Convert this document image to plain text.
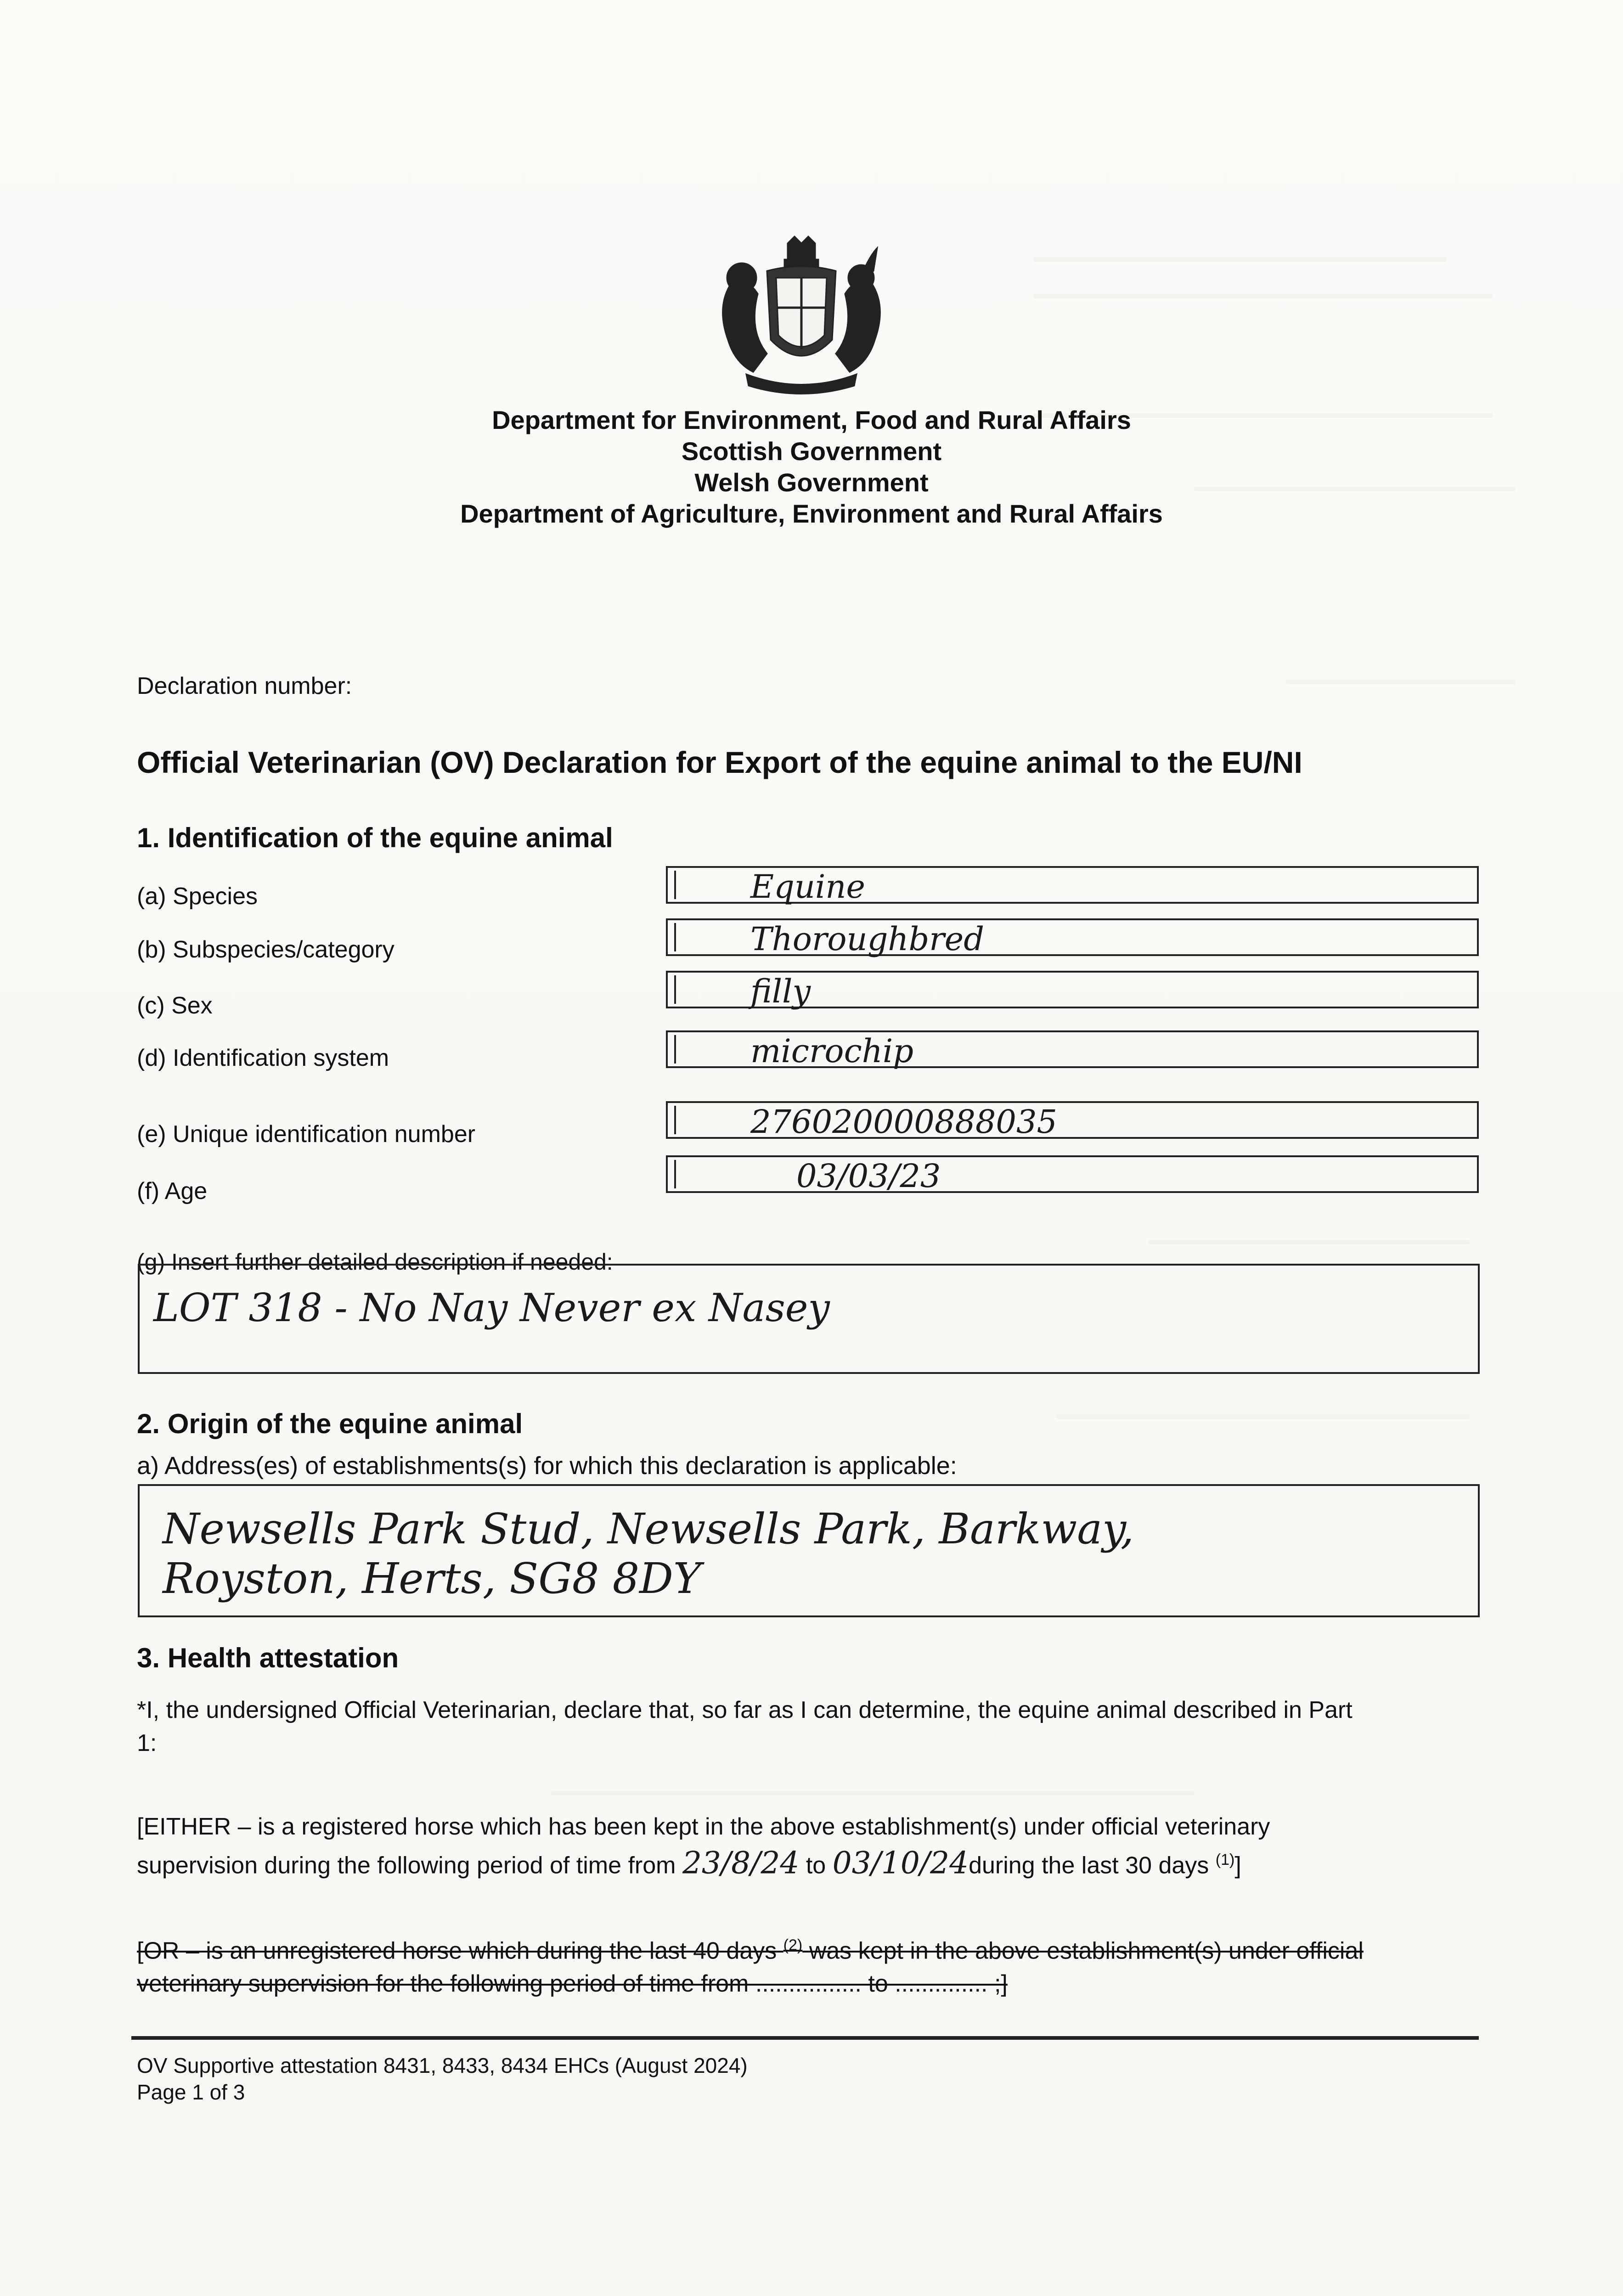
Department for Environment, Food and Rural Affairs
Scottish Government
Welsh Government
Department of Agriculture, Environment and Rural Affairs
Declaration number:
Official Veterinarian (OV) Declaration for Export of the equine animal to the EU/NI
1. Identification of the equine animal
(a) Species	Equine
(b) Subspecies/category	Thoroughbred
(c) Sex	filly
(d) Identification system	microchip
(e) Unique identification number	276020000888035
(f) Age	03/03/23
(g) Insert further detailed description if needed:
LOT 318 - No Nay Never ex Nasey
2. Origin of the equine animal
a) Address(es) of establishments(s) for which this declaration is applicable:
Newsells Park Stud, Newsells Park, Barkway,
Royston, Herts, SG8 8DY
3. Health attestation
*I, the undersigned Official Veterinarian, declare that, so far as I can determine, the equine animal described in Part
1:
[EITHER – is a registered horse which has been kept in the above establishment(s) under official veterinary
supervision during the following period of time from 23/8/24 to 03/10/24during the last 30 days $^{(1)}$]
[OR – is an unregistered horse which during the last 40 days $^{(2)}$ was kept in the above establishment(s) under official
veterinary supervision for the following period of time from ................ to .............. ;]
OV Supportive attestation 8431, 8433, 8434 EHCs (August 2024)
Page 1 of 3
